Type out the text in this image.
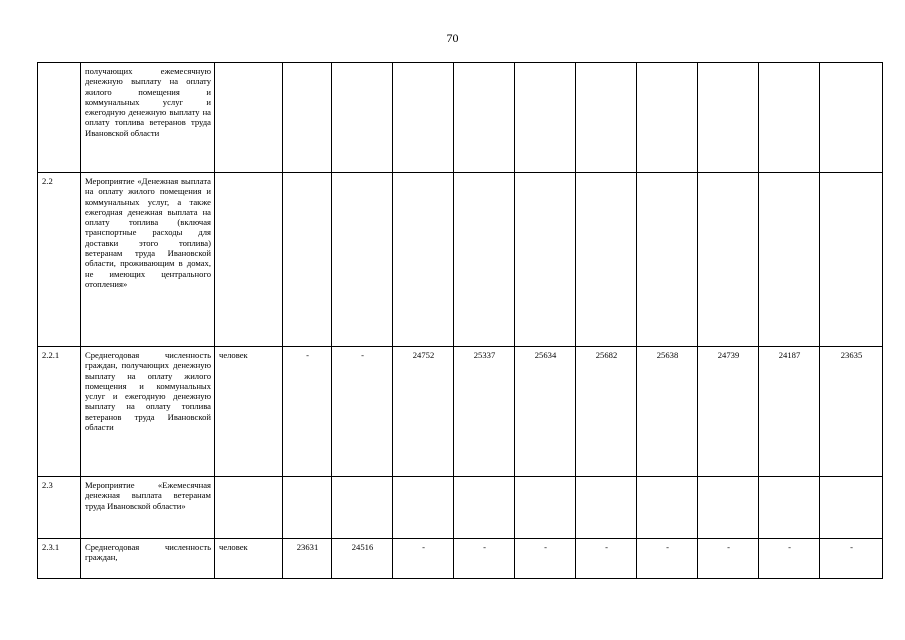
70
	получающих ежемесячную денежную выплату на оплату жилого помещения и коммунальных услуг и ежегодную денежную выплату на оплату топлива ветеранов труда Ивановской области											
2.2	Мероприятие «Денежная выплата на оплату жилого помещения и коммунальных услуг, а также ежегодная денежная выплата на оплату топлива (включая транспортные расходы для доставки этого топлива) ветеранам труда Ивановской области, проживающим в домах, не имеющих центрального отопления»											
2.2.1	Среднегодовая численность граждан, получающих денежную выплату на оплату жилого помещения и коммунальных услуг и ежегодную денежную выплату на оплату топлива ветеранов труда Ивановской области	человек	-	-	24752	25337	25634	25682	25638	24739	24187	23635
2.3	Мероприятие «Ежемесячная денежная выплата ветеранам труда Ивановской области»											
2.3.1	Среднегодовая численность граждан,	человек	23631	24516	-	-	-	-	-	-	-	-
